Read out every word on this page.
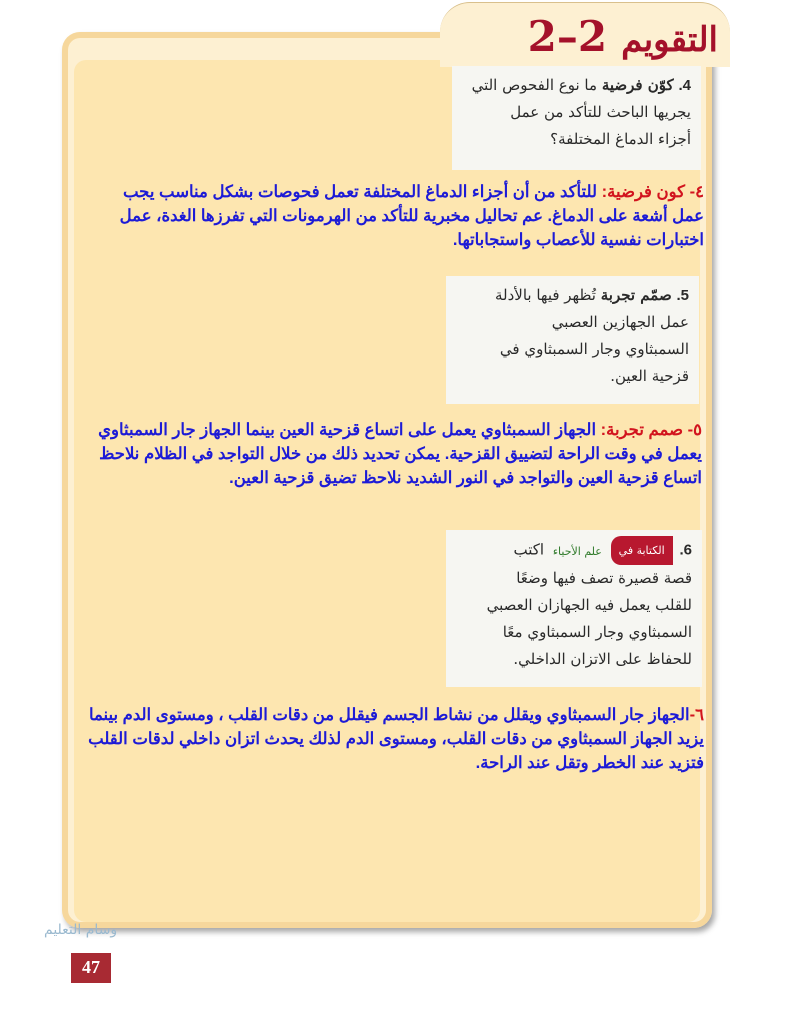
التقويم
2–2
4. كوّن فرضية ما نوع الفحوص التي
يجريها الباحث للتأكد من عمل
أجزاء الدماغ المختلفة؟
٤- كون فرضية: للتأكد من أن أجزاء الدماغ المختلفة تعمل فحوصات بشكل مناسب يجب عمل أشعة على الدماغ. عم تحاليل مخبرية للتأكد من الهرمونات التي تفرزها الغدة، عمل اختبارات نفسية للأعصاب واستجاباتها.
5. صمّم تجربة تُظهر فيها بالأدلة
عمل الجهازين العصبي
السمبثاوي وجار السمبثاوي في
قزحية العين.
٥- صمم تجربة: الجهاز السمبثاوي يعمل على اتساع قزحية العين بينما الجهاز جار السمبثاوي يعمل في وقت الراحة لتضييق القزحية. يمكن تحديد ذلك من خلال التواجد في الظلام نلاحظ اتساع قزحية العين والتواجد في النور الشديد نلاحظ تضيق قزحية العين.
6. الكتابة في علم الأحياء اكتب
قصة قصيرة تصف فيها وضعًا
للقلب يعمل فيه الجهازان العصبي
السمبثاوي وجار السمبثاوي معًا
للحفاظ على الاتزان الداخلي.
٦-الجهاز جار السمبثاوي ويقلل من نشاط الجسم فيقلل من دقات القلب ، ومستوى الدم بينما يزيد الجهاز السمبثاوي من دقات القلب، ومستوى الدم لذلك يحدث اتزان داخلي لدقات القلب فتزيد عند الخطر وتقل عند الراحة.
وسام التعليم
47
